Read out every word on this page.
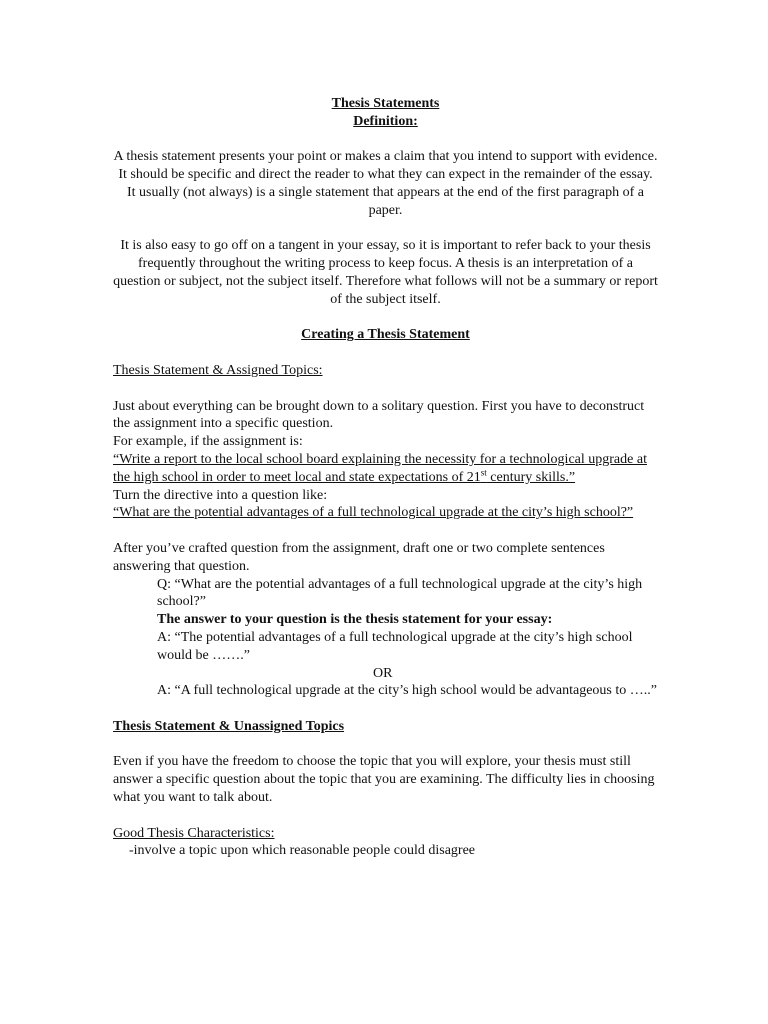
Thesis Statements
Definition:

A thesis statement presents your point or makes a claim that you intend to support with evidence. It should be specific and direct the reader to what they can expect in the remainder of the essay. It usually (not always) is a single statement that appears at the end of the first paragraph of a paper.

It is also easy to go off on a tangent in your essay, so it is important to refer back to your thesis frequently throughout the writing process to keep focus. A thesis is an interpretation of a question or subject, not the subject itself. Therefore what follows will not be a summary or report of the subject itself.

Creating a Thesis Statement
Thesis Statement & Assigned Topics:

Just about everything can be brought down to a solitary question. First you have to deconstruct the assignment into a specific question.

For example, if the assignment is:
“Write a report to the local school board explaining the necessity for a technological upgrade at the high school in order to meet local and state expectations of 21st century skills.”
Turn the directive into a question like:
“What are the potential advantages of a full technological upgrade at the city’s high school?”

After you’ve crafted question from the assignment, draft one or two complete sentences answering that question.

Q: “What are the potential advantages of a full technological upgrade at the city’s high school?”
The answer to your question is the thesis statement for your essay:
A: “The potential advantages of a full technological upgrade at the city’s high school would be …….”
OR
A: “A full technological upgrade at the city’s high school would be advantageous to …..”
Thesis Statement & Unassigned Topics

Even if you have the freedom to choose the topic that you will explore, your thesis must still answer a specific question about the topic that you are examining. The difficulty lies in choosing what you want to talk about.

Good Thesis Characteristics:
-involve a topic upon which reasonable people could disagree
